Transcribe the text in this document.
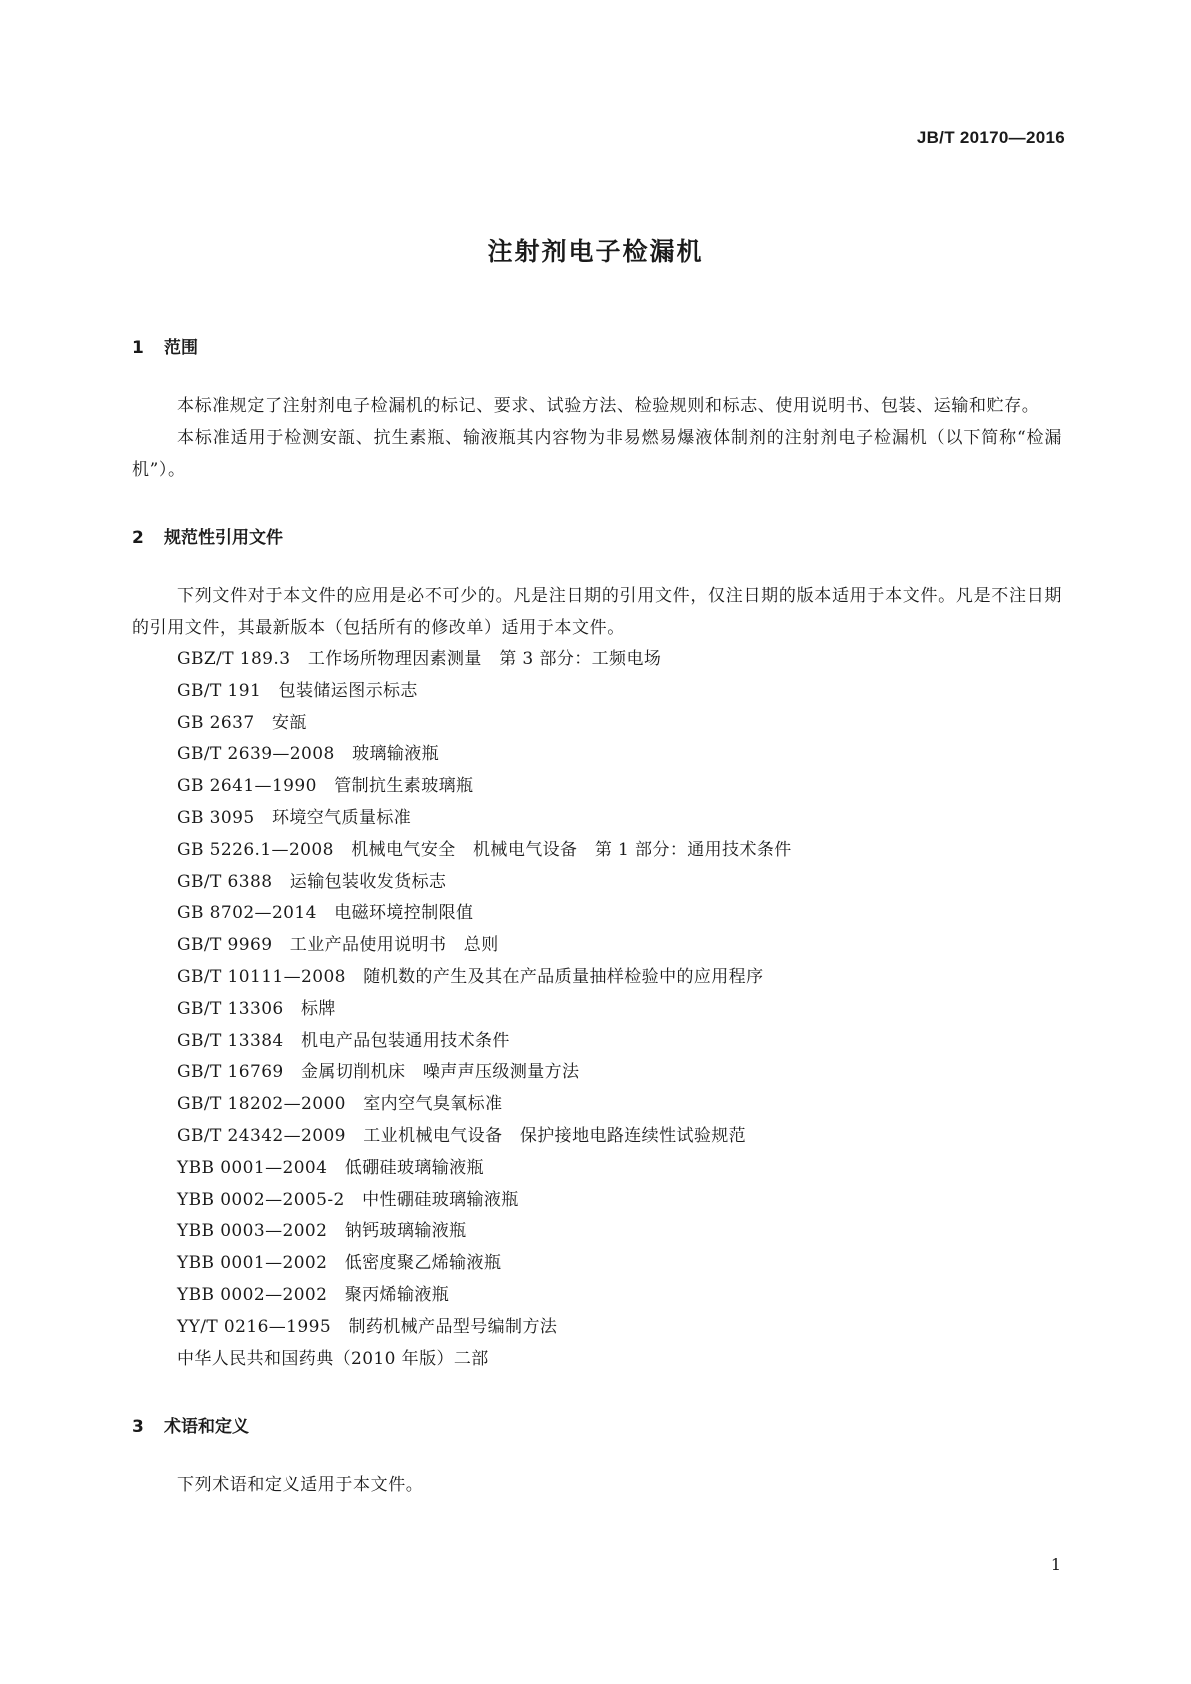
JB/T 20170—2016
注射剂电子检漏机
1 范围

本标准规定了注射剂电子检漏机的标记、要求、试验方法、检验规则和标志、使用说明书、包装、运输和贮存。

本标准适用于检测安瓿、抗生素瓶、输液瓶其内容物为非易燃易爆液体制剂的注射剂电子检漏机（以下简称“检漏机”）。

2 规范性引用文件

下列文件对于本文件的应用是必不可少的。凡是注日期的引用文件，仅注日期的版本适用于本文件。凡是不注日期的引用文件，其最新版本（包括所有的修改单）适用于本文件。

GBZ/T 189.3　工作场所物理因素测量　第 3 部分：工频电场
GB/T 191　包装储运图示标志
GB 2637　安瓿
GB/T 2639—2008　玻璃输液瓶
GB 2641—1990　管制抗生素玻璃瓶
GB 3095　环境空气质量标准
GB 5226.1—2008　机械电气安全　机械电气设备　第 1 部分：通用技术条件
GB/T 6388　运输包装收发货标志
GB 8702—2014　电磁环境控制限值
GB/T 9969　工业产品使用说明书　总则
GB/T 10111—2008　随机数的产生及其在产品质量抽样检验中的应用程序
GB/T 13306　标牌
GB/T 13384　机电产品包装通用技术条件
GB/T 16769　金属切削机床　噪声声压级测量方法
GB/T 18202—2000　室内空气臭氧标准
GB/T 24342—2009　工业机械电气设备　保护接地电路连续性试验规范
YBB 0001—2004　低硼硅玻璃输液瓶
YBB 0002—2005-2　中性硼硅玻璃输液瓶
YBB 0003—2002　钠钙玻璃输液瓶
YBB 0001—2002　低密度聚乙烯输液瓶
YBB 0002—2002　聚丙烯输液瓶
YY/T 0216—1995　制药机械产品型号编制方法
中华人民共和国药典（2010 年版）二部
3 术语和定义

下列术语和定义适用于本文件。

1
